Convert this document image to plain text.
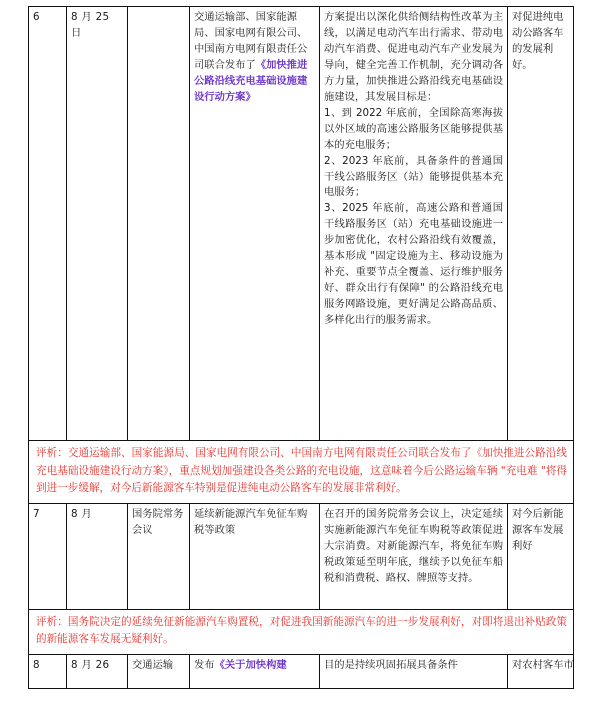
6	8 月 25 日		交通运输部、国家能源局、国家电网有限公司、中国南方电网有限责任公司联合发布了《加快推进公路沿线充电基础设施建设行动方案》	方案提出以深化供给侧结构性改革为主线，以满足电动汽车出行需求、带动电动汽车消费、促进电动汽车产业发展为导向，健全完善工作机制，充分调动各方力量，加快推进公路沿线充电基础设施建设，其发展目标是：
1、到 2022 年底前，全国除高寒海拔以外区域的高速公路服务区能够提供基本的充电服务；
2、2023 年底前，具备条件的普通国干线公路服务区（站）能够提供基本充电服务；
3、2025 年底前，高速公路和普通国干线路服务区（站）充电基础设施进一步加密优化，农村公路沿线有效覆盖，基本形成 "固定设施为主、移动设施为补充、重要节点全覆盖、运行维护服务好、群众出行有保障" 的公路沿线充电服务网路设施，更好满足公路高品质、多样化出行的服务需求。	对促进纯电动公路客车的发展利好。
评析：交通运输部、国家能源局、国家电网有限公司、中国南方电网有限责任公司联合发布了《加快推进公路沿线充电基础设施建设行动方案》，重点规划加强建设各类公路的充电设施，这意味着今后公路运输车辆 "充电难 "将得到进一步缓解，对今后新能源客车特别是促进纯电动公路客车的发展非常利好。					
7	8 月	国务院常务会议	延续新能源汽车免征车购税等政策	在召开的国务院常务会议上，决定延续实施新能源汽车免征车购税等政策促进大宗消费。对新能源汽车，将免征车购税政策延至明年底，继续予以免征车船税和消费税、路权、牌照等支持。	对今后新能源客车发展利好
评析：国务院决定的延续免征新能源汽车购置税，对促进我国新能源汽车的进一步发展利好，对即将退出补贴政策的新能源客车发展无疑利好。					
8	8 月 26	交通运输	发布《关于加快构建	目的是持续巩固拓展具备条件	对农村客车市
